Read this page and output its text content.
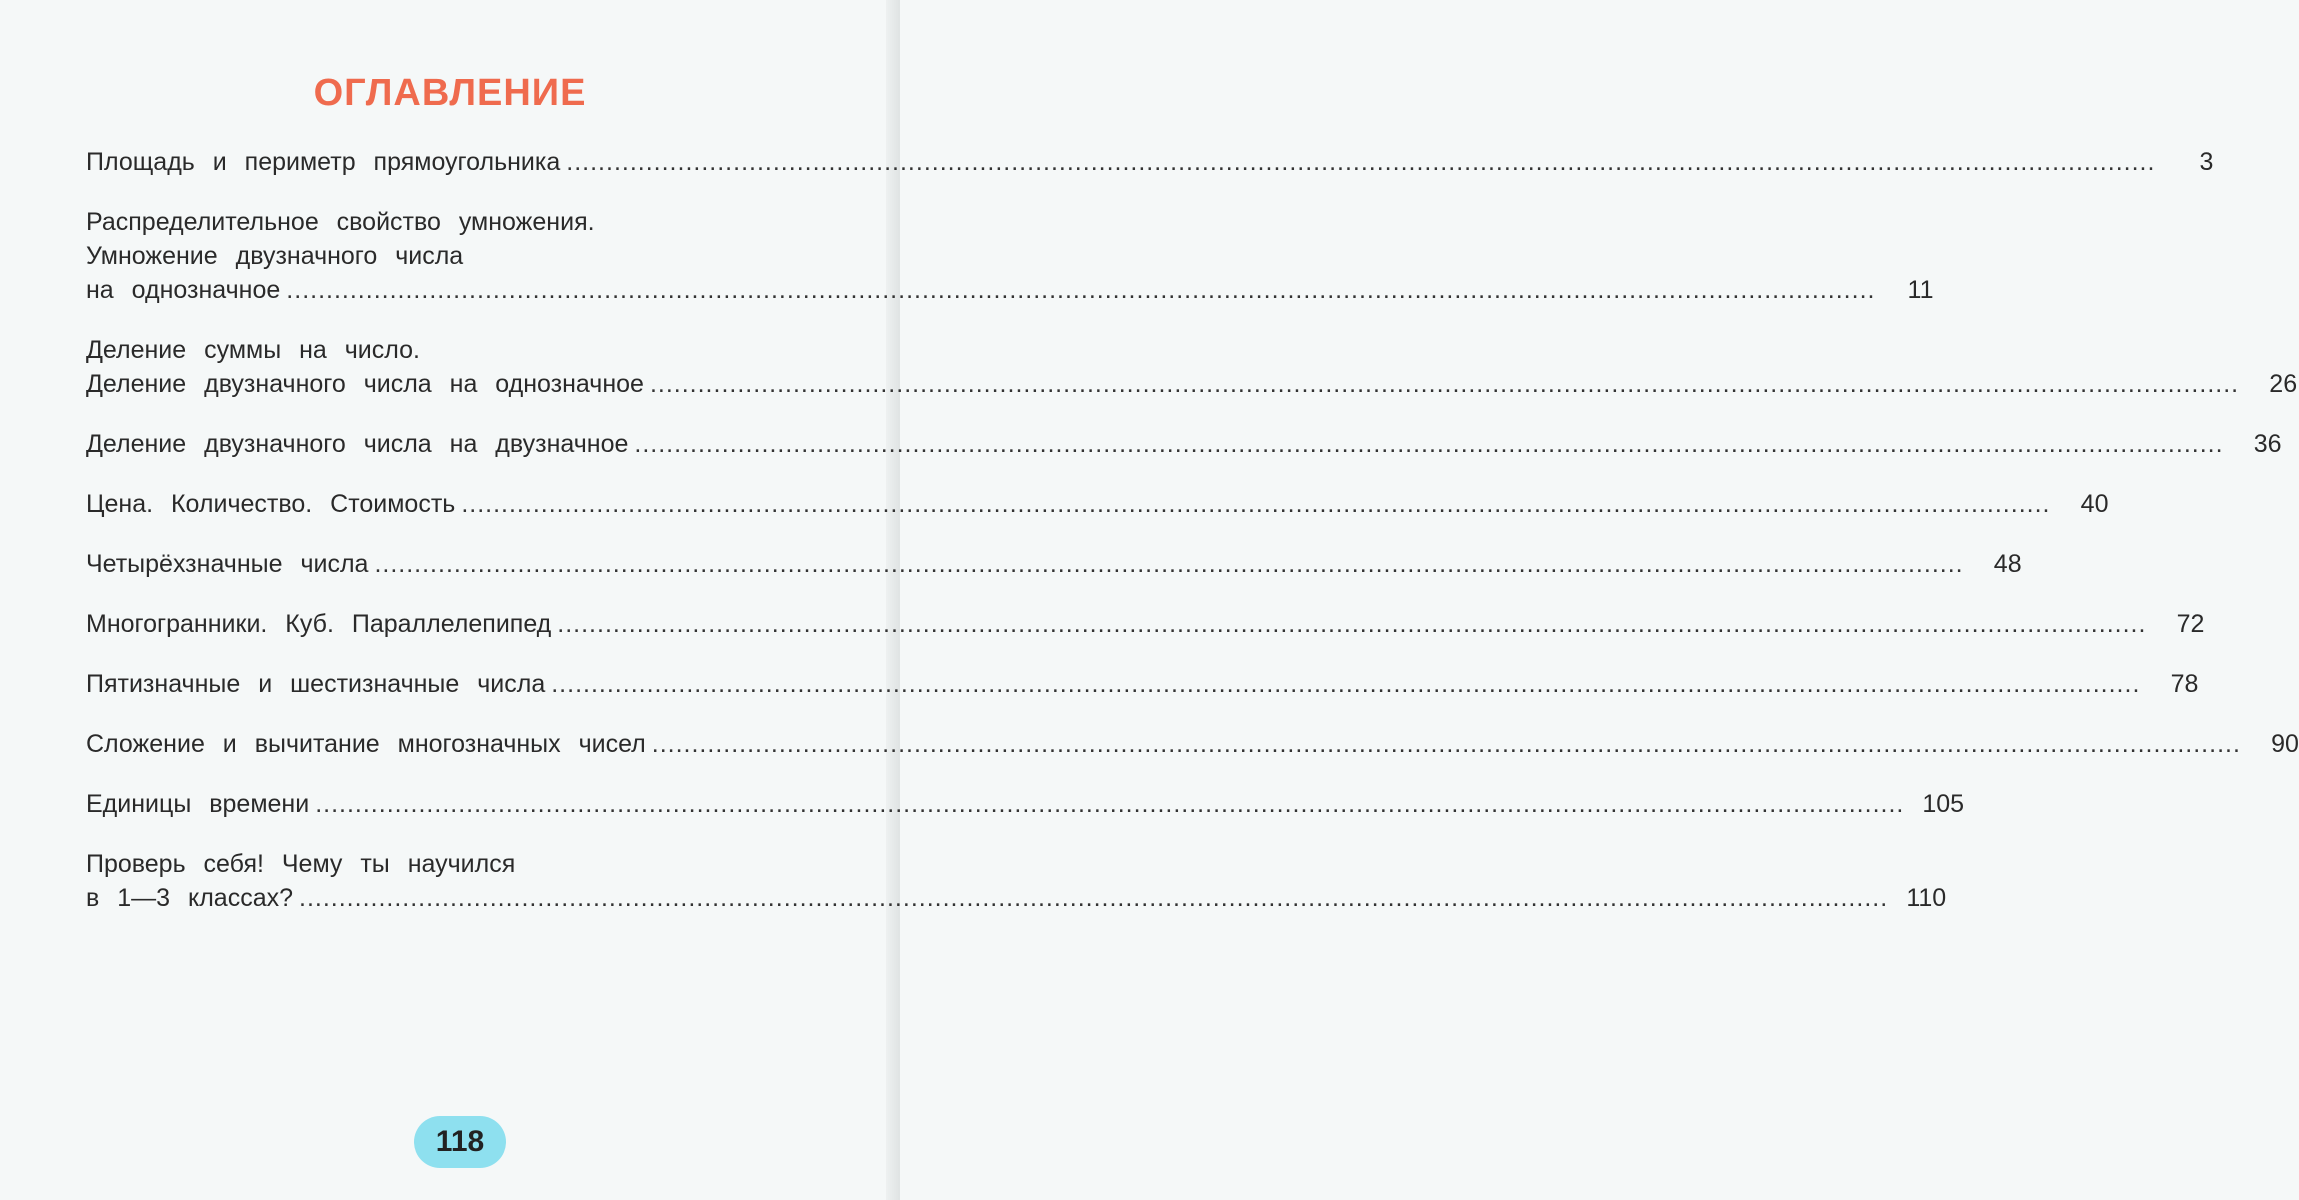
ОГЛАВЛЕНИЕ
Площадь и периметр прямоугольника ........................................................................................................................................................................................................	3
Распределительное свойство умножения.
Умножение двузначного числа
на однозначное ........................................................................................................................................................................................................	11
Деление суммы на число.
Деление двузначного числа на однозначное ........................................................................................................................................................................................................	26
Деление двузначного числа на двузначное ........................................................................................................................................................................................................	36
Цена. Количество. Стоимость ........................................................................................................................................................................................................	40
Четырёхзначные числа ........................................................................................................................................................................................................	48
Многогранники. Куб. Параллелепипед ........................................................................................................................................................................................................	72
Пятизначные и шестизначные числа ........................................................................................................................................................................................................	78
Сложение и вычитание многозначных чисел ........................................................................................................................................................................................................	90
Единицы времени ........................................................................................................................................................................................................ 105
Проверь себя! Чему ты научился
в 1—3 классах? ........................................................................................................................................................................................................ 110
118
